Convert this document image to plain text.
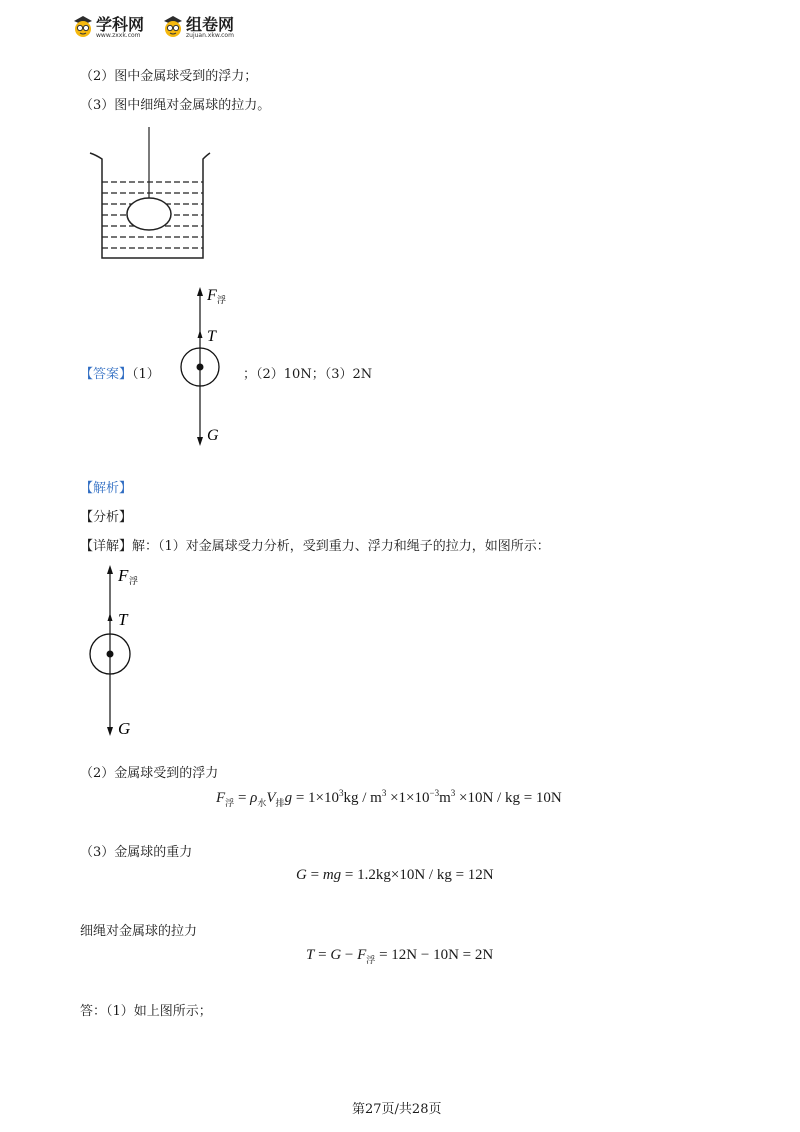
学科网
www.zxxk.com
组卷网
zujuan.xkw.com
（2）图中金属球受到的浮力；
（3）图中细绳对金属球的拉力。
【答案】（1）	；（2）10N；（3）2N
F 浮
T
G
【解析】
【分析】
【详解】解：（1）对金属球受力分析，受到重力、浮力和绳子的拉力，如图所示：
F 浮
T
G
（2）金属球受到的浮力
$F_浮 = \rho_水V_排g = 1\times 10^3kg / m^3 \times 1\times 10^{-3}m^3 \times 10N$ / kg = 10N
（3）金属球的重力
G = mg = 1.2kg×10N / kg = 12N
细绳对金属球的拉力
$T = G - F_浮 = 12N - 10N = 2N$
答：（1）如上图所示；
第27页/共28页
